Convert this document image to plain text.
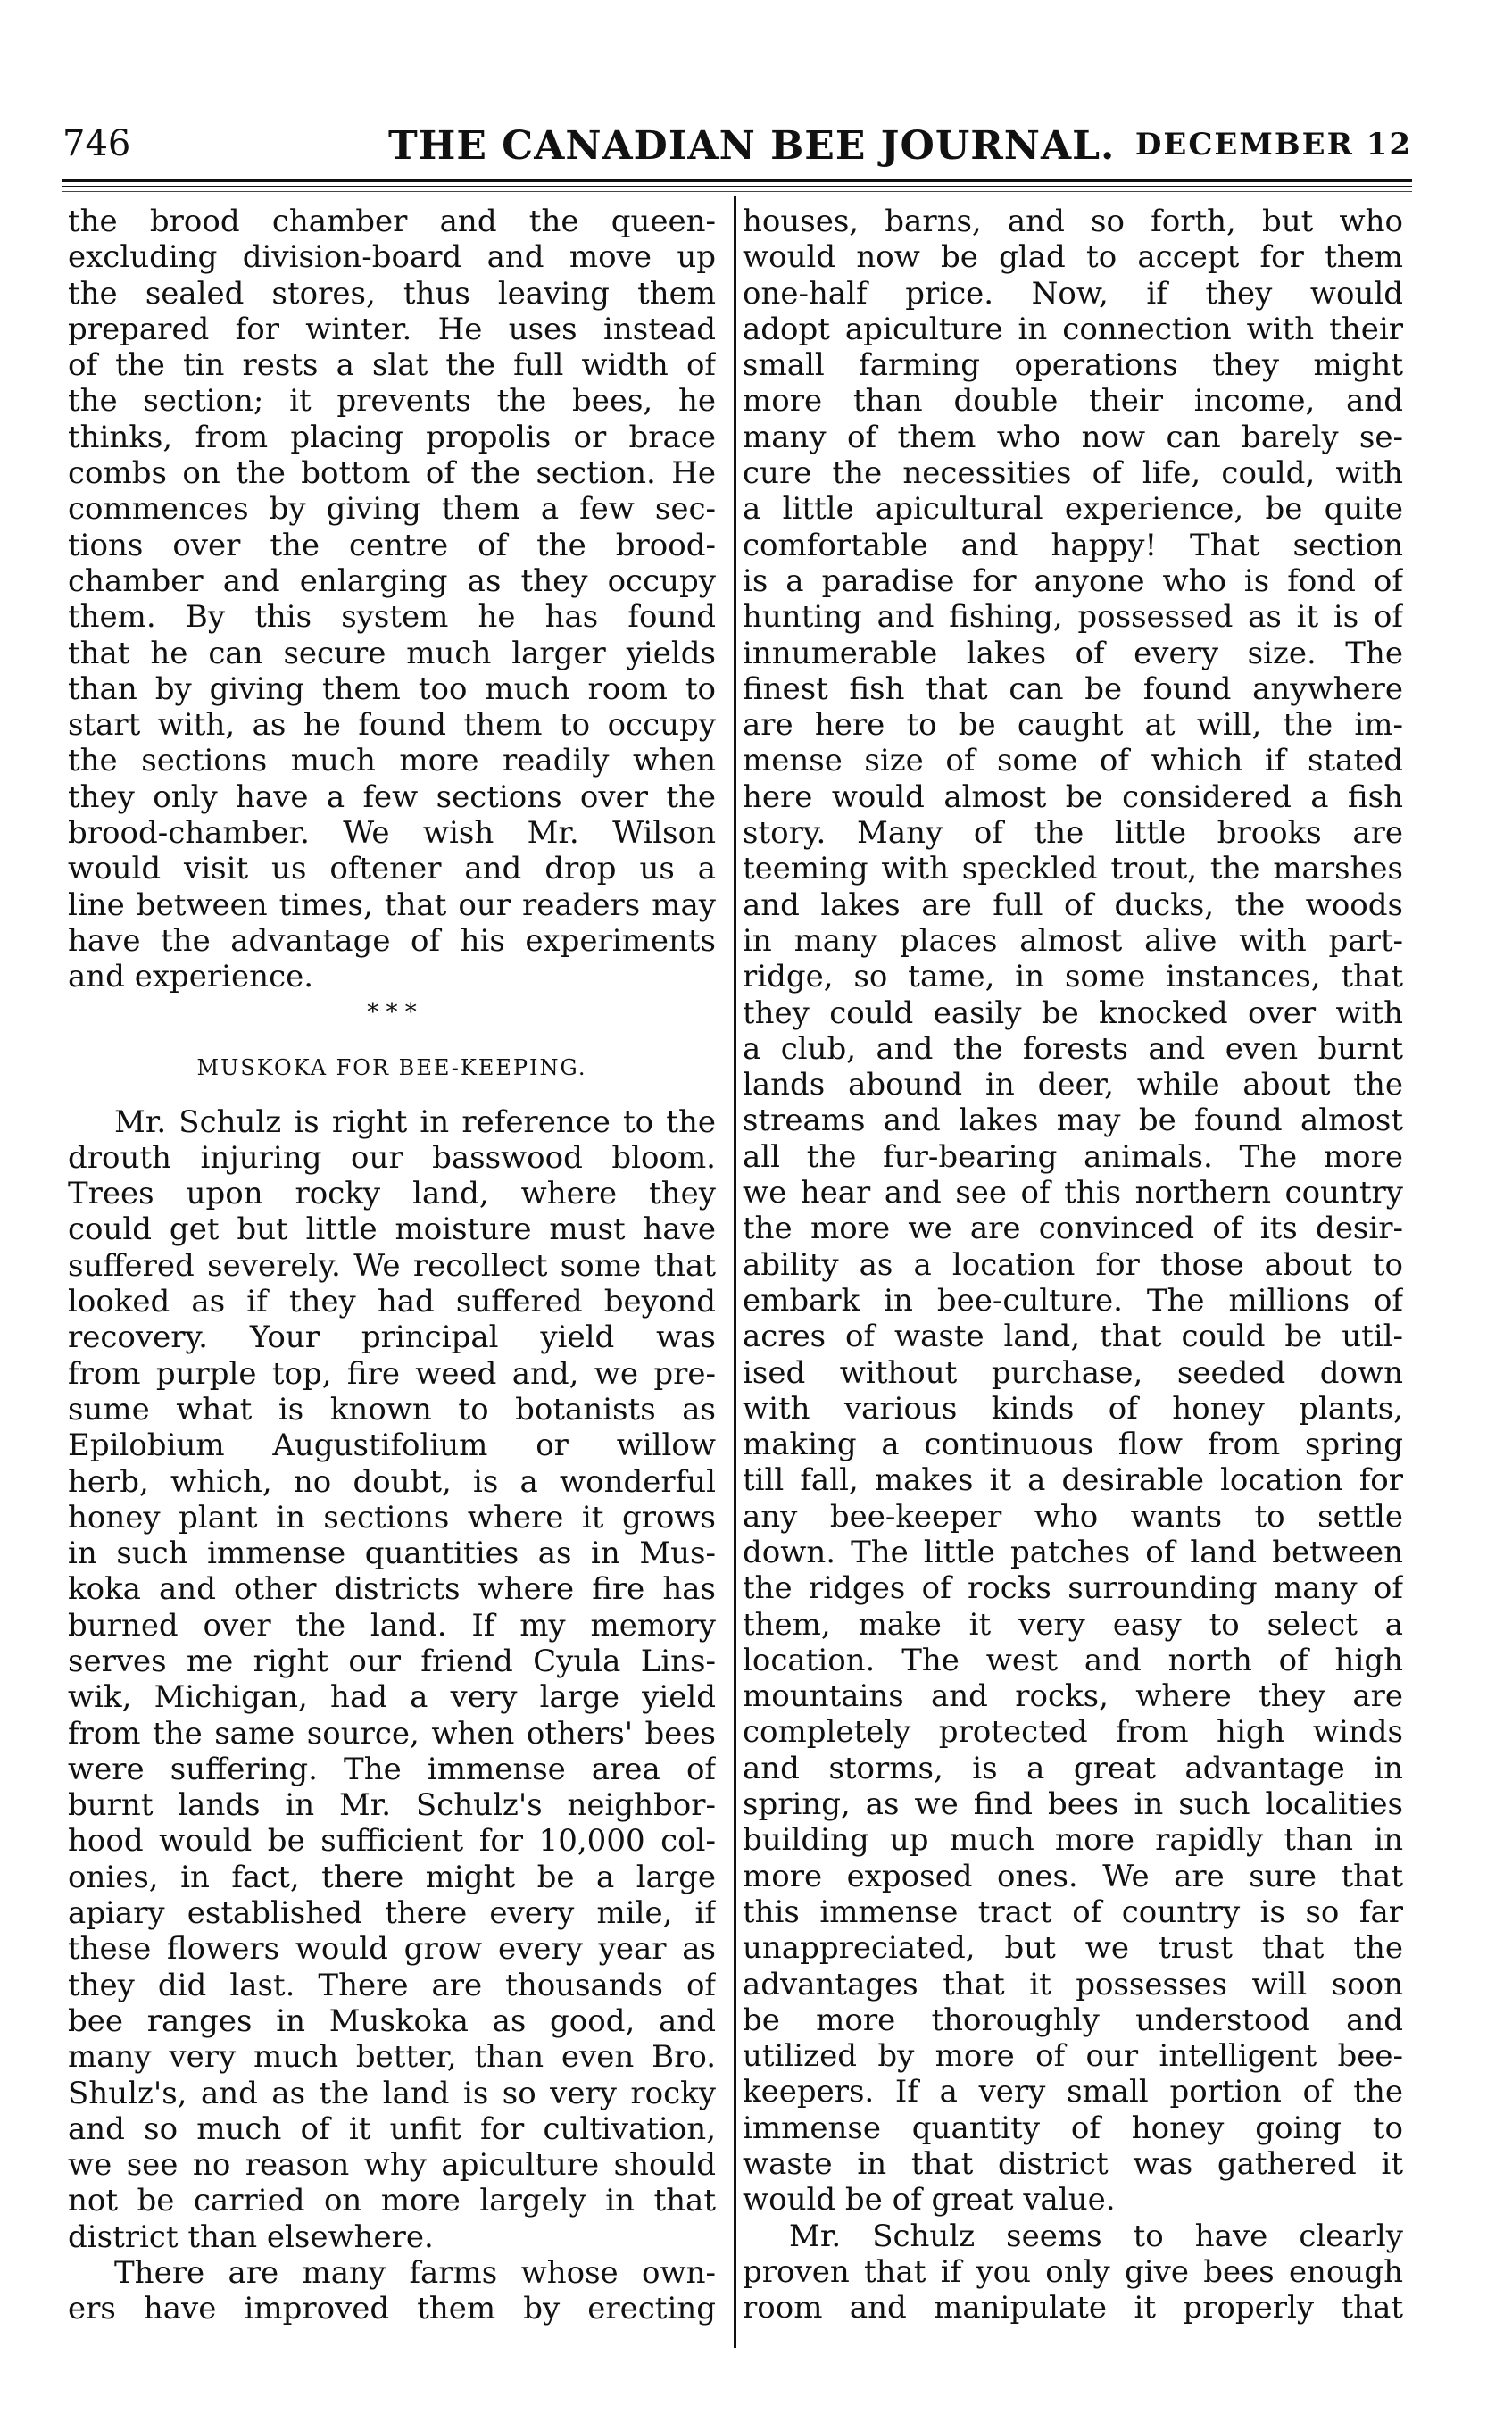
746	THE CANADIAN BEE JOURNAL. DECEMBER 12
the brood chamber and the queen-
excluding division-board and move up
the sealed stores, thus leaving them
prepared for winter. He uses instead
of the tin rests a slat the full width of
the section; it prevents the bees, he
thinks, from placing propolis or brace
combs on the bottom of the section. He
commences by giving them a few sec-
tions over the centre of the brood-
chamber and enlarging as they occupy
them. By this system he has found
that he can secure much larger yields
than by giving them too much room to
start with, as he found them to occupy
the sections much more readily when
they only have a few sections over the
brood-chamber. We wish Mr. Wilson
would visit us oftener and drop us a
line between times, that our readers may
have the advantage of his experiments
and experience.
* * *
MUSKOKA FOR BEE-KEEPING.
Mr. Schulz is right in reference to the
drouth injuring our basswood bloom.
Trees upon rocky land, where they
could get but little moisture must have
suffered severely. We recollect some that
looked as if they had suffered beyond
recovery. Your principal yield was
from purple top, fire weed and, we pre-
sume what is known to botanists as
Epilobium Augustifolium or willow
herb, which, no doubt, is a wonderful
honey plant in sections where it grows
in such immense quantities as in Mus-
koka and other districts where fire has
burned over the land. If my memory
serves me right our friend Cyula Lins-
wik, Michigan, had a very large yield
from the same source, when others' bees
were suffering. The immense area of
burnt lands in Mr. Schulz's neighbor-
hood would be sufficient for 10,000 col-
onies, in fact, there might be a large
apiary established there every mile, if
these flowers would grow every year as
they did last. There are thousands of
bee ranges in Muskoka as good, and
many very much better, than even Bro.
Shulz's, and as the land is so very rocky
and so much of it unfit for cultivation,
we see no reason why apiculture should
not be carried on more largely in that
district than elsewhere.
There are many farms whose own-
ers have improved them by erecting
houses, barns, and so forth, but who
would now be glad to accept for them
one-half price. Now, if they would
adopt apiculture in connection with their
small farming operations they might
more than double their income, and
many of them who now can barely se-
cure the necessities of life, could, with
a little apicultural experience, be quite
comfortable and happy! That section
is a paradise for anyone who is fond of
hunting and fishing, possessed as it is of
innumerable lakes of every size. The
finest fish that can be found anywhere
are here to be caught at will, the im-
mense size of some of which if stated
here would almost be considered a fish
story. Many of the little brooks are
teeming with speckled trout, the marshes
and lakes are full of ducks, the woods
in many places almost alive with part-
ridge, so tame, in some instances, that
they could easily be knocked over with
a club, and the forests and even burnt
lands abound in deer, while about the
streams and lakes may be found almost
all the fur-bearing animals. The more
we hear and see of this northern country
the more we are convinced of its desir-
ability as a location for those about to
embark in bee-culture. The millions of
acres of waste land, that could be util-
ised without purchase, seeded down
with various kinds of honey plants,
making a continuous flow from spring
till fall, makes it a desirable location for
any bee-keeper who wants to settle
down. The little patches of land between
the ridges of rocks surrounding many of
them, make it very easy to select a
location. The west and north of high
mountains and rocks, where they are
completely protected from high winds
and storms, is a great advantage in
spring, as we find bees in such localities
building up much more rapidly than in
more exposed ones. We are sure that
this immense tract of country is so far
unappreciated, but we trust that the
advantages that it possesses will soon
be more thoroughly understood and
utilized by more of our intelligent bee-
keepers. If a very small portion of the
immense quantity of honey going to
waste in that district was gathered it
would be of great value.
Mr. Schulz seems to have clearly
proven that if you only give bees enough
room and manipulate it properly that
